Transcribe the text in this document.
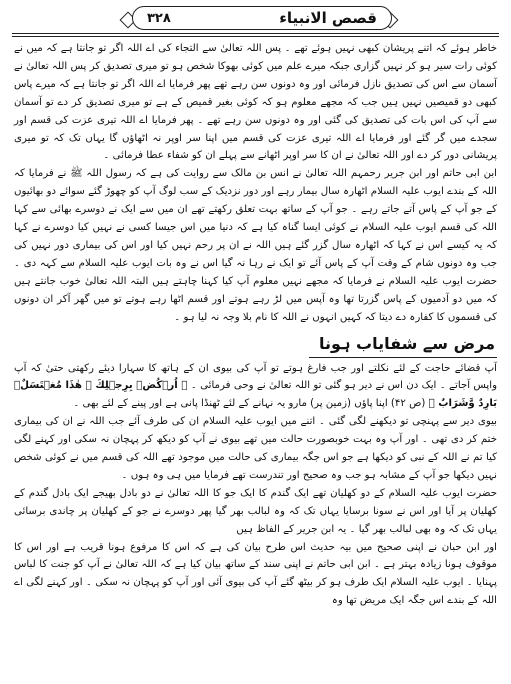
۳۲۸	قصص الانبیاء

خاطر ہوئے کہ اتنے پریشان کبھی نہیں ہوئے تھے ۔ پس اللہ تعالیٰ سے التجاء کی اے اللہ اگر تو جانتا ہے کہ میں نے کوئی رات سیر ہو کر نہیں گزاری جبکہ میرے علم میں کوئی بھوکا شخص ہو تو میری تصدیق کر پس اللہ تعالیٰ نے آسمان سے اس کی تصدیق نازل فرمائی اور وہ دونوں سن رہے تھے پھر فرمایا اے اللہ اگر تو جانتا ہے کہ میرے پاس کبھی دو قمیصیں نہیں ہیں جب کہ مجھے معلوم ہو کہ کوئی بغیر قمیص کے ہے تو میری تصدیق کر دے تو آسمان سے آپ کی اس بات کی تصدیق کی گئی اور وہ دونوں سن رہے تھے ۔ پھر فرمایا اے اللہ تیری عزت کی قسم اور سجدے میں گر گئے اور فرمایا اے اللہ تیری عزت کی قسم میں اپنا سر اوپر نہ اٹھاؤں گا یہاں تک کہ تو میری پریشانی دور کر دے اور اللہ تعالیٰ نے ان کا سر اوپر اٹھانے سے پہلے ان کو شفاء عطا فرمائی ۔

ابن ابی حاتم اور ابن جریر رحمہم اللہ تعالیٰ نے انس بن مالک سے روایت کی ہے کہ رسول اللہ ﷺ نے فرمایا کہ اللہ کے بندے ایوب علیہ السلام اٹھارہ سال بیمار رہے اور دور نزدیک کے سب لوگ آپ کو چھوڑ گئے سوائے دو بھائیوں کے جو آپ کے پاس آتے جاتے رہے ۔ جو آپ کے ساتھ بہت تعلق رکھتے تھے ان میں سے ایک نے دوسرے بھائی سے کہا اللہ کی قسم ایوب علیہ السلام نے کوئی ایسا گناہ کیا ہے کہ دنیا میں اس جیسا کسی نے نہیں کیا دوسرے نے کہا کہ یہ کیسے اس نے کہا کہ اٹھارہ سال گزر گئے ہیں اللہ نے ان پر رحم نہیں کیا اور اس کی بیماری دور نہیں کی جب وہ دونوں شام کے وقت آپ کے پاس آئے تو ایک نے رہا نہ گیا اس نے وہ بات ایوب علیہ السلام سے کہہ دی ۔ حضرت ایوب علیہ السلام نے فرمایا کہ مجھے نہیں معلوم آپ کیا کہنا چاہتے ہیں البتہ اللہ تعالیٰ خوب جانتے ہیں کہ میں دو آدمیوں کے پاس گزرتا تھا وہ آپس میں لڑ رہے ہوتے اور قسم اٹھا رہے ہوتے تو میں گھر آکر ان دونوں کی قسموں کا کفارہ دے دیتا کہ کہیں انہوں نے اللہ کا نام بلا وجہ نہ لیا ہو ۔

مرض سے شفایاب ہونا

آپ قضائے حاجت کے لئے نکلتے اور جب فارغ ہوتے تو آپ کی بیوی ان کے ہاتھ کا سہارا دیئے رکھتی حتیٰ کہ آپ واپس آجاتے ۔ ایک دن اس نے دیر ہو گئی تو اللہ تعالیٰ نے وحی فرمائی ۔ ﴿ اُرۡكُضۡ بِرِجۡلِكَ ۚ هٰذَا مُغۡتَسَلٌۢ بَارِدٌ وَّشَرَابٌ ﴾ (ص ۴۲) اپنا پاؤں (زمین پر) مارو یہ نہانے کے لئے ٹھنڈا پانی ہے اور پینے کے لئے بھی ۔

بیوی دیر سے پہنچی تو دیکھنے لگی گئی ۔ اتنے میں ایوب علیہ السلام ان کی طرف آئے جب اللہ نے ان کی بیماری ختم کر دی تھی ۔ اور آپ وہ بہت خوبصورت حالت میں تھے بیوی نے آپ کو دیکھ کر پہچان نہ سکی اور کہنے لگی کیا تم نے اللہ کے نبی کو دیکھا ہے جو اس جگہ بیماری کی حالت میں موجود تھے اللہ کی قسم میں نے کوئی شخص نہیں دیکھا جو آپ کے مشابہ ہو جب وہ صحیح اور تندرست تھے فرمایا میں ہی وہ ہوں ۔

حضرت ایوب علیہ السلام کے دو کھلیان تھے ایک گندم کا ایک جو کا اللہ تعالیٰ نے دو بادل بھیجے ایک بادل گندم کے کھلیان پر آیا اور اس نے سونا برسایا یہاں تک کہ وہ لبالب بھر گیا پھر دوسرے نے جو کے کھلیان پر چاندی برسائی یہاں تک کہ وہ بھی لبالب بھر گیا ۔ یہ ابن جریر کے الفاظ ہیں

اور ابن حبان نے اپنی صحیح میں بیہ حدیث اس طرح بیان کی ہے کہ اس کا مرفوع ہونا قریب ہے اور اس کا موقوف ہونا زیادہ بہتر ہے ۔ ابن ابی حاتم نے اپنی سند کے ساتھ بیان کیا ہے کہ اللہ تعالیٰ نے آپ کو جنت کا لباس پہنایا ۔ ایوب علیہ السلام ایک طرف ہو کر بیٹھ گئے آپ کی بیوی آئی اور آپ کو پہچان نہ سکی ۔ اور کہنے لگی اے اللہ کے بندے اس جگہ ایک مریض تھا وہ
